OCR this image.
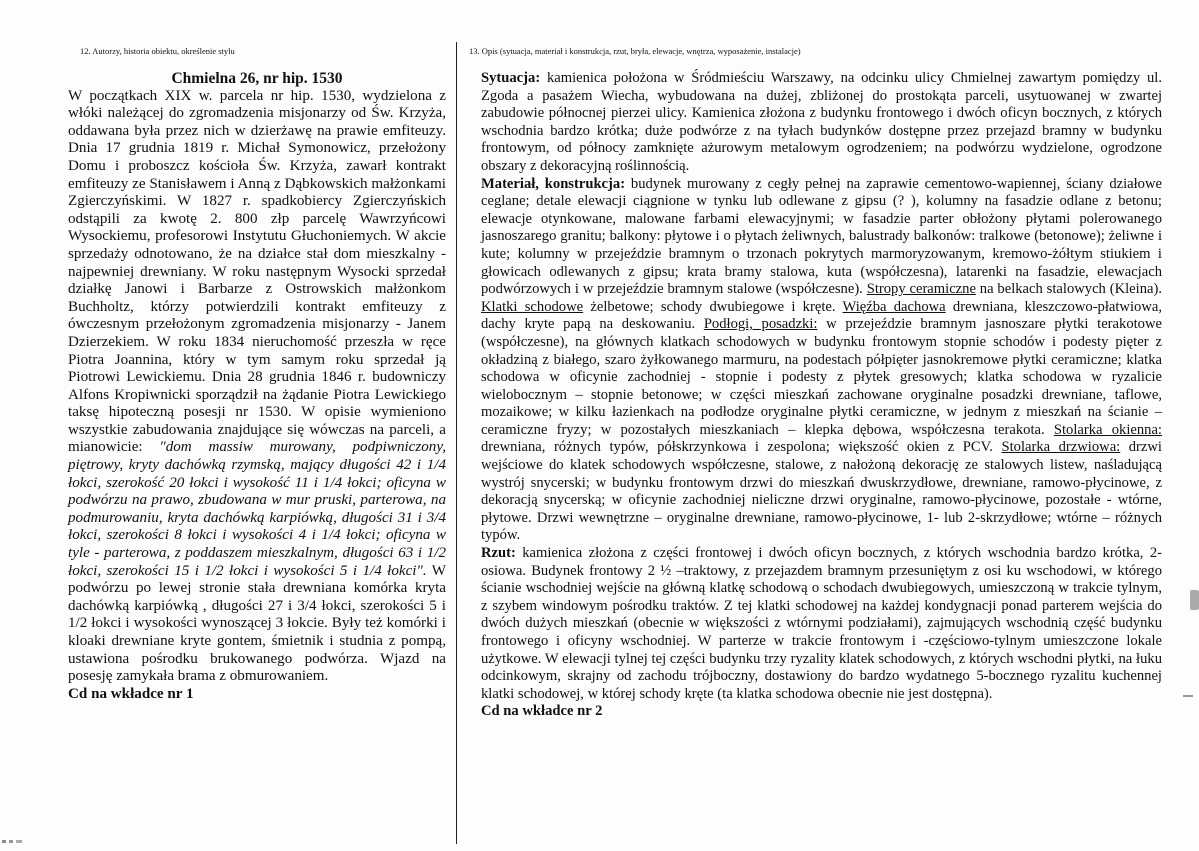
12. Autorzy, historia obiektu, określenie stylu

Chmielna 26, nr hip. 1530

W początkach XIX w. parcela nr hip. 1530, wydzielona z włóki należącej do zgromadzenia misjonarzy od Św. Krzyża, oddawana była przez nich w dzierżawę na prawie emfiteuzy. Dnia 17 grudnia 1819 r. Michał Symonowicz, przełożony Domu i proboszcz kościoła Św. Krzyża, zawarł kontrakt emfiteuzy ze Stanisławem i Anną z Dąbkowskich małżonkami Zgierczyńskimi. W 1827 r. spadkobiercy Zgierczyńskich odstąpili za kwotę 2. 800 złp parcelę Wawrzyńcowi Wysockiemu, profesorowi Instytutu Głuchoniemych. W akcie sprzedaży odnotowano, że na działce stał dom mieszkalny - najpewniej drewniany. W roku następnym Wysocki sprzedał działkę Janowi i Barbarze z Ostrowskich małżonkom Buchholtz, którzy potwierdzili kontrakt emfiteuzy z ówczesnym przełożonym zgromadzenia misjonarzy - Janem Dzierzekiem. W roku 1834 nieruchomość przeszła w ręce Piotra Joannina, który w tym samym roku sprzedał ją Piotrowi Lewickiemu. Dnia 28 grudnia 1846 r. budowniczy Alfons Kropiwnicki sporządził na żądanie Piotra Lewickiego taksę hipoteczną posesji nr 1530. W opisie wymieniono wszystkie zabudowania znajdujące się wówczas na parceli, a mianowicie: "dom massiw murowany, podpiwniczony, piętrowy, kryty dachówką rzymską, mający długości 42 i 1/4 łokci, szerokość 20 łokci i wysokość 11 i 1/4 łokci; oficyna w podwórzu na prawo, zbudowana w mur pruski, parterowa, na podmurowaniu, kryta dachówką karpiówką, długości 31 i 3/4 łokci, szerokości 8 łokci i wysokości 4 i 1/4 łokci; oficyna w tyle - parterowa, z poddaszem mieszkalnym, długości 63 i 1/2 łokci, szerokości 15 i 1/2 łokci i wysokości 5 i 1/4 łokci". W podwórzu po lewej stronie stała drewniana komórka kryta dachówką karpiówką , długości 27 i 3/4 łokci, szerokości 5 i 1/2 łokci i wysokości wynoszącej 3 łokcie. Były też komórki i kloaki drewniane kryte gontem, śmietnik i studnia z pompą, ustawiona pośrodku brukowanego podwórza. Wjazd na posesję zamykała brama z obmurowaniem.

Cd na wkładce nr 1

13. Opis (sytuacja, materiał i konstrukcja, rzut, bryła, elewacje, wnętrza, wyposażenie, instalacje)

Sytuacja: kamienica położona w Śródmieściu Warszawy, na odcinku ulicy Chmielnej zawartym pomiędzy ul. Zgoda a pasażem Wiecha, wybudowana na dużej, zbliżonej do prostokąta parceli, usytuowanej w zwartej zabudowie północnej pierzei ulicy. Kamienica złożona z budynku frontowego i dwóch oficyn bocznych, z których wschodnia bardzo krótka; duże podwórze z na tyłach budynków dostępne przez przejazd bramny w budynku frontowym, od północy zamknięte ażurowym metalowym ogrodzeniem; na podwórzu wydzielone, ogrodzone obszary z dekoracyjną roślinnością.

Materiał, konstrukcja: budynek murowany z cegły pełnej na zaprawie cementowo-wapiennej, ściany działowe ceglane; detale elewacji ciągnione w tynku lub odlewane z gipsu (? ), kolumny na fasadzie odlane z betonu; elewacje otynkowane, malowane farbami elewacyjnymi; w fasadzie parter obłożony płytami polerowanego jasnoszarego granitu; balkony: płytowe i o płytach żeliwnych, balustrady balkonów: tralkowe (betonowe); żeliwne i kute; kolumny w przejeździe bramnym o trzonach pokrytych marmoryzowanym, kremowo-żółtym stiukiem i głowicach odlewanych z gipsu; krata bramy stalowa, kuta (współczesna), latarenki na fasadzie, elewacjach podwórzowych i w przejeździe bramnym stalowe (współczesne). Stropy ceramiczne na belkach stalowych (Kleina). Klatki schodowe żelbetowe; schody dwubiegowe i kręte. Więźba dachowa drewniana, kleszczowo-płatwiowa, dachy kryte papą na deskowaniu. Podłogi, posadzki: w przejeździe bramnym jasnoszare płytki terakotowe (współczesne), na głównych klatkach schodowych w budynku frontowym stopnie schodów i podesty pięter z okładziną z białego, szaro żyłkowanego marmuru, na podestach półpięter jasnokremowe płytki ceramiczne; klatka schodowa w oficynie zachodniej - stopnie i podesty z płytek gresowych; klatka schodowa w ryzalicie wielobocznym – stopnie betonowe; w części mieszkań zachowane oryginalne posadzki drewniane, taflowe, mozaikowe; w kilku łazienkach na podłodze oryginalne płytki ceramiczne, w jednym z mieszkań na ścianie – ceramiczne fryzy; w pozostałych mieszkaniach – klepka dębowa, współczesna terakota. Stolarka okienna: drewniana, różnych typów, półskrzynkowa i zespolona; większość okien z PCV. Stolarka drzwiowa: drzwi wejściowe do klatek schodowych współczesne, stalowe, z nałożoną dekorację ze stalowych listew, naśladującą wystrój snycerski; w budynku frontowym drzwi do mieszkań dwuskrzydłowe, drewniane, ramowo-płycinowe, z dekoracją snycerską; w oficynie zachodniej nieliczne drzwi oryginalne, ramowo-płycinowe, pozostałe - wtórne, płytowe. Drzwi wewnętrzne – oryginalne drewniane, ramowo-płycinowe, 1- lub 2-skrzydłowe; wtórne – różnych typów.

Rzut: kamienica złożona z części frontowej i dwóch oficyn bocznych, z których wschodnia bardzo krótka, 2-osiowa. Budynek frontowy 2 ½ –traktowy, z przejazdem bramnym przesuniętym z osi ku wschodowi, w którego ścianie wschodniej wejście na główną klatkę schodową o schodach dwubiegowych, umieszczoną w trakcie tylnym, z szybem windowym pośrodku traktów. Z tej klatki schodowej na każdej kondygnacji ponad parterem wejścia do dwóch dużych mieszkań (obecnie w większości z wtórnymi podziałami), zajmujących wschodnią część budynku frontowego i oficyny wschodniej. W parterze w trakcie frontowym i -częściowo-tylnym umieszczone lokale użytkowe. W elewacji tylnej tej części budynku trzy ryzality klatek schodowych, z których wschodni płytki, na łuku odcinkowym, skrajny od zachodu trójboczny, dostawiony do bardzo wydatnego 5-bocznego ryzalitu kuchennej klatki schodowej, w której schody kręte (ta klatka schodowa obecnie nie jest dostępna).

Cd na wkładce nr 2
